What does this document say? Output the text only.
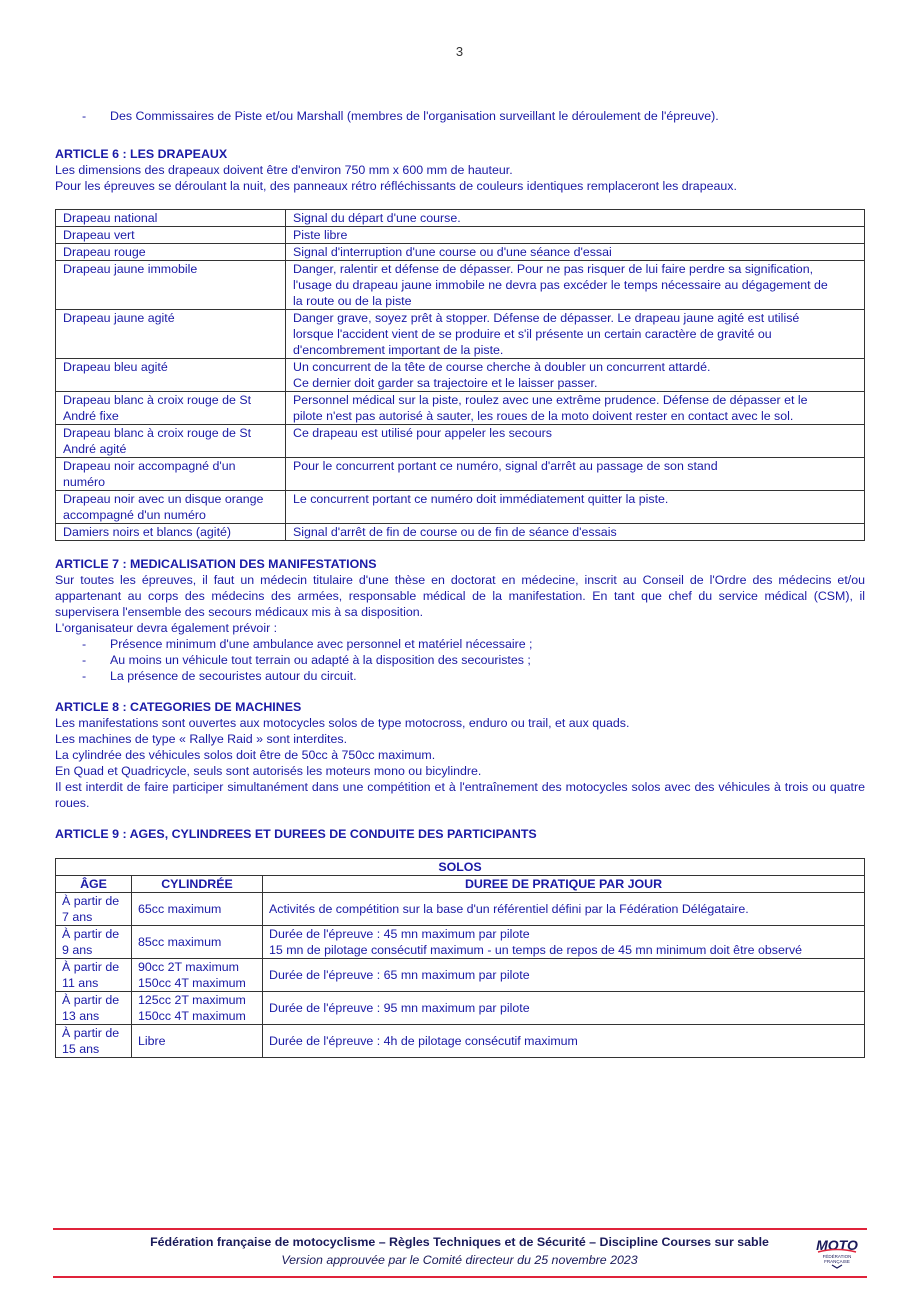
3
- Des Commissaires de Piste et/ou Marshall (membres de l'organisation surveillant le déroulement de l'épreuve).
ARTICLE 6 : LES DRAPEAUX

Les dimensions des drapeaux doivent être d'environ 750 mm x 600 mm de hauteur.

Pour les épreuves se déroulant la nuit, des panneaux rétro réfléchissants de couleurs identiques remplaceront les drapeaux.

Drapeau national	Signal du départ d'une course.

Drapeau vert	Piste libre

Drapeau rouge	Signal d'interruption d'une course ou d'une séance d'essai

Drapeau jaune immobile	Danger, ralentir et défense de dépasser. Pour ne pas risquer de lui faire perdre sa signification,
l'usage du drapeau jaune immobile ne devra pas excéder le temps nécessaire au dégagement de
la route ou de la piste

Drapeau jaune agité	Danger grave, soyez prêt à stopper. Défense de dépasser. Le drapeau jaune agité est utilisé
lorsque l'accident vient de se produire et s'il présente un certain caractère de gravité ou
d'encombrement important de la piste.

Drapeau bleu agité	Un concurrent de la tête de course cherche à doubler un concurrent attardé.
Ce dernier doit garder sa trajectoire et le laisser passer.

Drapeau blanc à croix rouge de St
André fixe	Personnel médical sur la piste, roulez avec une extrême prudence. Défense de dépasser et le
pilote n'est pas autorisé à sauter, les roues de la moto doivent rester en contact avec le sol.

Drapeau blanc à croix rouge de St
André agité	Ce drapeau est utilisé pour appeler les secours

Drapeau noir accompagné d'un
numéro	Pour le concurrent portant ce numéro, signal d'arrêt au passage de son stand

Drapeau noir avec un disque orange
accompagné d'un numéro	Le concurrent portant ce numéro doit immédiatement quitter la piste.

Damiers noirs et blancs (agité)	Signal d'arrêt de fin de course ou de fin de séance d'essais
ARTICLE 7 : MEDICALISATION DES MANIFESTATIONS

Sur toutes les épreuves, il faut un médecin titulaire d'une thèse en doctorat en médecine, inscrit au Conseil de l'Ordre des médecins et/ou appartenant au corps des médecins des armées, responsable médical de la manifestation. En tant que chef du service médical (CSM), il supervisera l'ensemble des secours médicaux mis à sa disposition.

L'organisateur devra également prévoir :

- Présence minimum d'une ambulance avec personnel et matériel nécessaire ;
- Au moins un véhicule tout terrain ou adapté à la disposition des secouristes ;
- La présence de secouristes autour du circuit.
ARTICLE 8 : CATEGORIES DE MACHINES

Les manifestations sont ouvertes aux motocycles solos de type motocross, enduro ou trail, et aux quads.

Les machines de type « Rallye Raid » sont interdites.

La cylindrée des véhicules solos doit être de 50cc à 750cc maximum.

En Quad et Quadricycle, seuls sont autorisés les moteurs mono ou bicylindre.

Il est interdit de faire participer simultanément dans une compétition et à l'entraînement des motocycles solos avec des véhicules à trois ou quatre roues.

ARTICLE 9 : AGES, CYLINDREES ET DUREES DE CONDUITE DES PARTICIPANTS
SOLOS		
ÂGE	CYLINDRÉE	DUREE DE PRATIQUE PAR JOUR

À partir de
7 ans	65cc maximum	Activités de compétition sur la base d'un référentiel défini par la Fédération Délégataire.

À partir de
9 ans	85cc maximum	Durée de l'épreuve : 45 mn maximum par pilote
15 mn de pilotage consécutif maximum - un temps de repos de 45 mn minimum doit être observé

À partir de
11 ans	90cc 2T maximum
150cc 4T maximum	Durée de l'épreuve : 65 mn maximum par pilote

À partir de
13 ans	125cc 2T maximum
150cc 4T maximum	Durée de l'épreuve : 95 mn maximum par pilote

À partir de
15 ans	Libre	Durée de l'épreuve : 4h de pilotage consécutif maximum
Fédération française de motocyclisme – Règles Techniques et de Sécurité – Discipline Courses sur sable
Version approuvée par le Comité directeur du 25 novembre 2023
MOTO
FÉDÉRATION
FRANÇAISE
